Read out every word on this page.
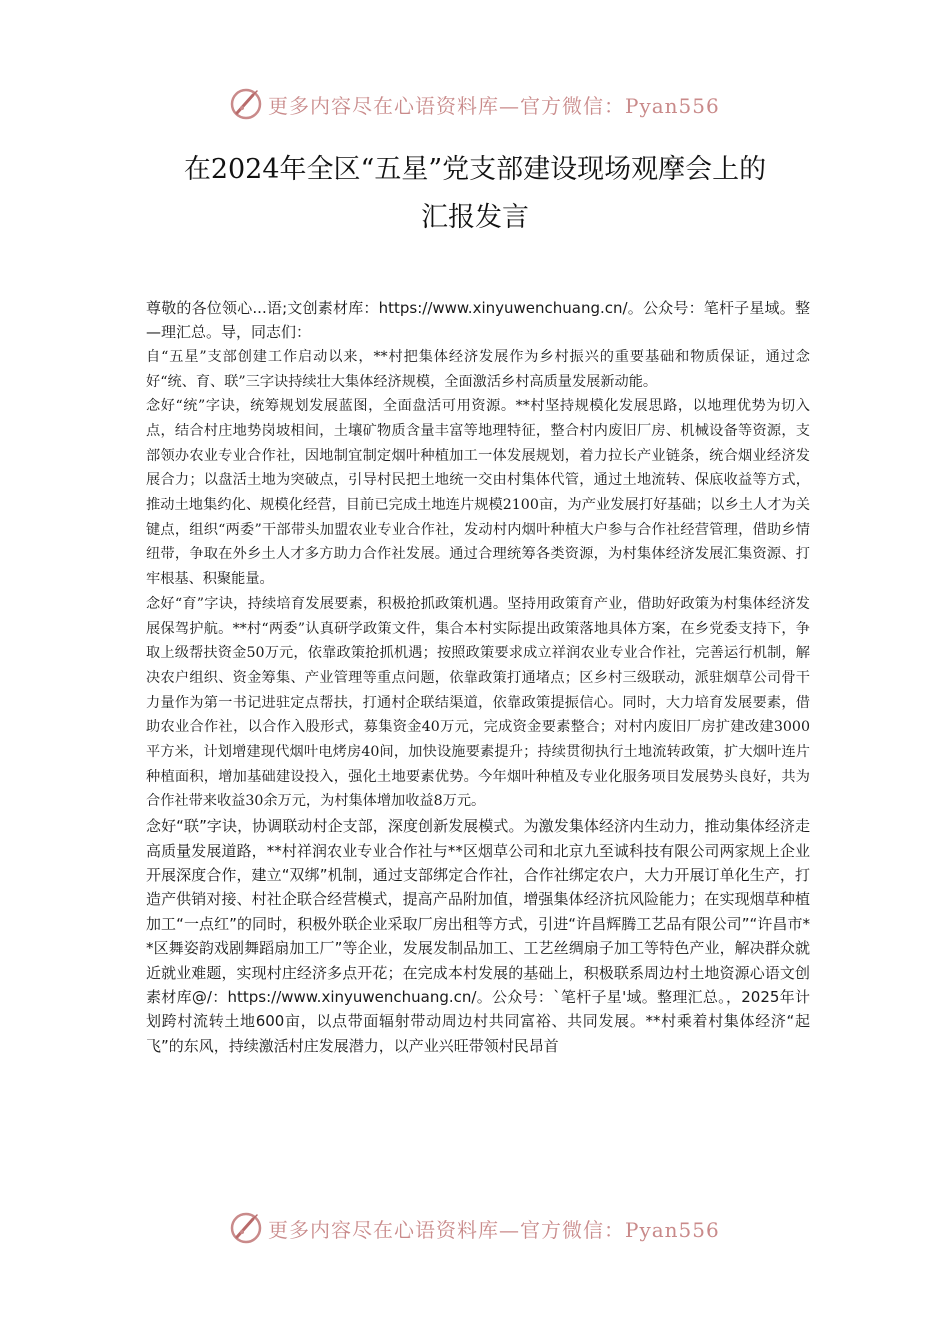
更多内容尽在心语资料库—官方微信：Pyan556
在2024年全区“五星”党支部建设现场观摩会上的
汇报发言

尊敬的各位领心...语;文创素材库：https://www.xinyuwenchuang.cn/。公众号：笔杆子星域。整—理汇总。导，同志们：

自“五星”支部创建工作启动以来，**村把集体经济发展作为乡村振兴的重要基础和物质保证，通过念好“统、育、联”三字诀持续壮大集体经济规模，全面激活乡村高质量发展新动能。

念好“统”字诀，统筹规划发展蓝图，全面盘活可用资源。**村坚持规模化发展思路，以地理优势为切入点，结合村庄地势岗坡相间，土壤矿物质含量丰富等地理特征，整合村内废旧厂房、机械设备等资源，支部领办农业专业合作社，因地制宜制定烟叶种植加工一体发展规划，着力拉长产业链条，统合烟业经济发展合力；以盘活土地为突破点，引导村民把土地统一交由村集体代管，通过土地流转、保底收益等方式，推动土地集约化、规模化经营，目前已完成土地连片规模2100亩，为产业发展打好基础；以乡土人才为关键点，组织“两委”干部带头加盟农业专业合作社，发动村内烟叶种植大户参与合作社经营管理，借助乡情纽带，争取在外乡土人才多方助力合作社发展。通过合理统筹各类资源，为村集体经济发展汇集资源、打牢根基、积聚能量。

念好“育”字诀，持续培育发展要素，积极抢抓政策机遇。坚持用政策育产业，借助好政策为村集体经济发展保驾护航。**村“两委”认真研学政策文件，集合本村实际提出政策落地具体方案，在乡党委支持下，争取上级帮扶资金50万元，依靠政策抢抓机遇；按照政策要求成立祥润农业专业合作社，完善运行机制，解决农户组织、资金筹集、产业管理等重点问题，依靠政策打通堵点；区乡村三级联动，派驻烟草公司骨干力量作为第一书记进驻定点帮扶，打通村企联结渠道，依靠政策提振信心。同时，大力培育发展要素，借助农业合作社，以合作入股形式，募集资金40万元，完成资金要素整合；对村内废旧厂房扩建改建3000平方米，计划增建现代烟叶电烤房40间，加快设施要素提升；持续贯彻执行土地流转政策，扩大烟叶连片种植面积，增加基础建设投入，强化土地要素优势。今年烟叶种植及专业化服务项目发展势头良好，共为合作社带来收益30余万元，为村集体增加收益8万元。

念好“联”字诀，协调联动村企支部，深度创新发展模式。为激发集体经济内生动力，推动集体经济走高质量发展道路，**村祥润农业专业合作社与**区烟草公司和北京九至诚科技有限公司两家规上企业开展深度合作，建立“双绑”机制，通过支部绑定合作社，合作社绑定农户，大力开展订单化生产，打造产供销对接、村社企联合经营模式，提高产品附加值，增强集体经济抗风险能力；在实现烟草种植加工“一点红”的同时，积极外联企业采取厂房出租等方式，引进“许昌辉腾工艺品有限公司”“许昌市**区舞姿韵戏剧舞蹈扇加工厂”等企业，发展发制品加工、工艺丝绸扇子加工等特色产业，解决群众就近就业难题，实现村庄经济多点开花；在完成本村发展的基础上，积极联系周边村土地资源心语文创素材库@/：https://www.xinyuwenchuang.cn/。公众号：`笔杆子星'域。整理汇总。，2025年计划跨村流转土地600亩，以点带面辐射带动周边村共同富裕、共同发展。**村乘着村集体经济“起飞”的东风，持续激活村庄发展潜力，以产业兴旺带领村民昂首

更多内容尽在心语资料库—官方微信：Pyan556
